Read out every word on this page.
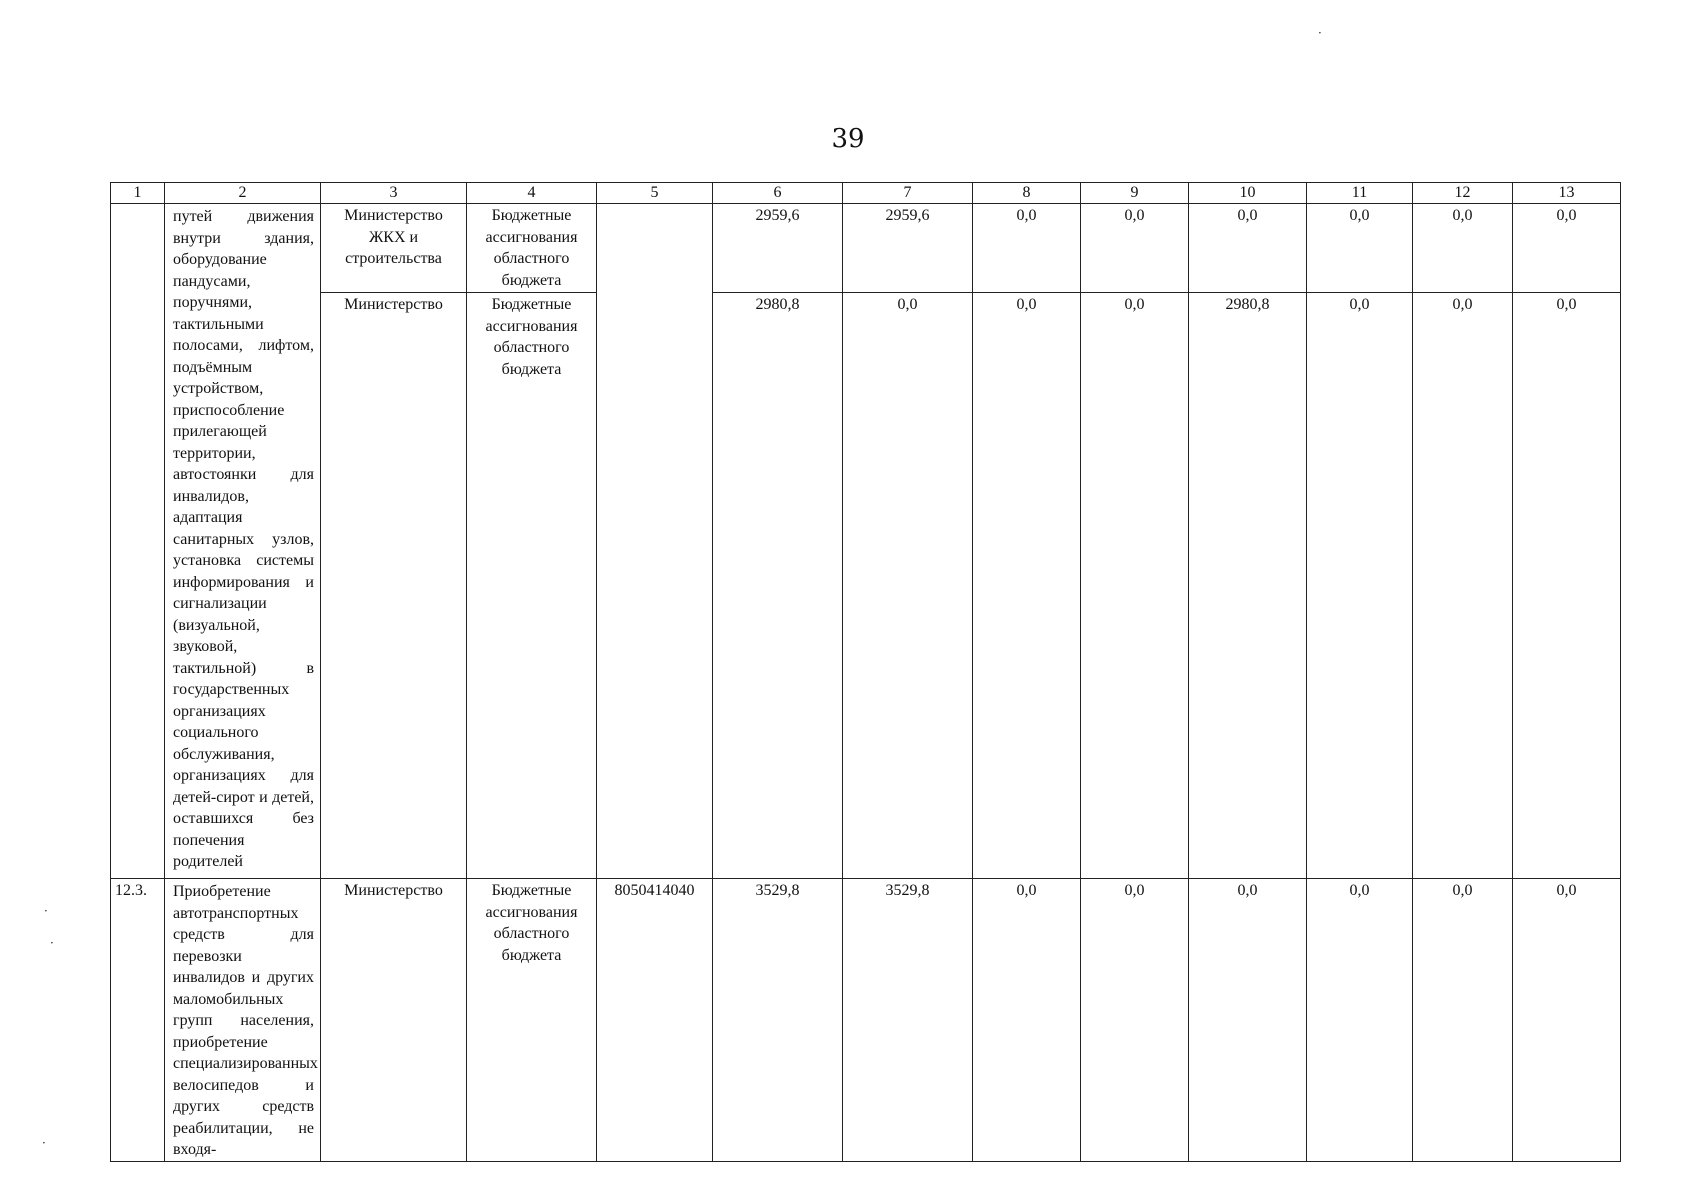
39
1	2	3	4	5	6	7	8	9	10	11	12	13
	путей движения внутри здания, оборудование пандусами, поручнями, тактильными полосами, лифтом, подъёмным устройством, приспособление прилегающей территории, автостоянки для инвалидов, адаптация санитарных узлов, установка системы информирования и сигнализации (визуальной, звуковой, тактильной) в государственных организациях социального обслуживания, организациях для детей-сирот и детей, оставшихся без попечения родителей	Министерство ЖКХ и строительства	Бюджетные ассигнования областного бюджета		2959,6	2959,6	0,0	0,0	0,0	0,0	0,0	0,0
		Министерство	Бюджетные ассигнования областного бюджета		2980,8	0,0	0,0	0,0	2980,8	0,0	0,0	0,0
12.3.	Приобретение автотранспортных средств для перевозки инвалидов и других маломобильных групп населения, приобретение специализированных велосипедов и других средств реабилитации, не входя-	Министерство	Бюджетные ассигнования областного бюджета	8050414040	3529,8	3529,8	0,0	0,0	0,0	0,0	0,0	0,0
·
·
·
·
